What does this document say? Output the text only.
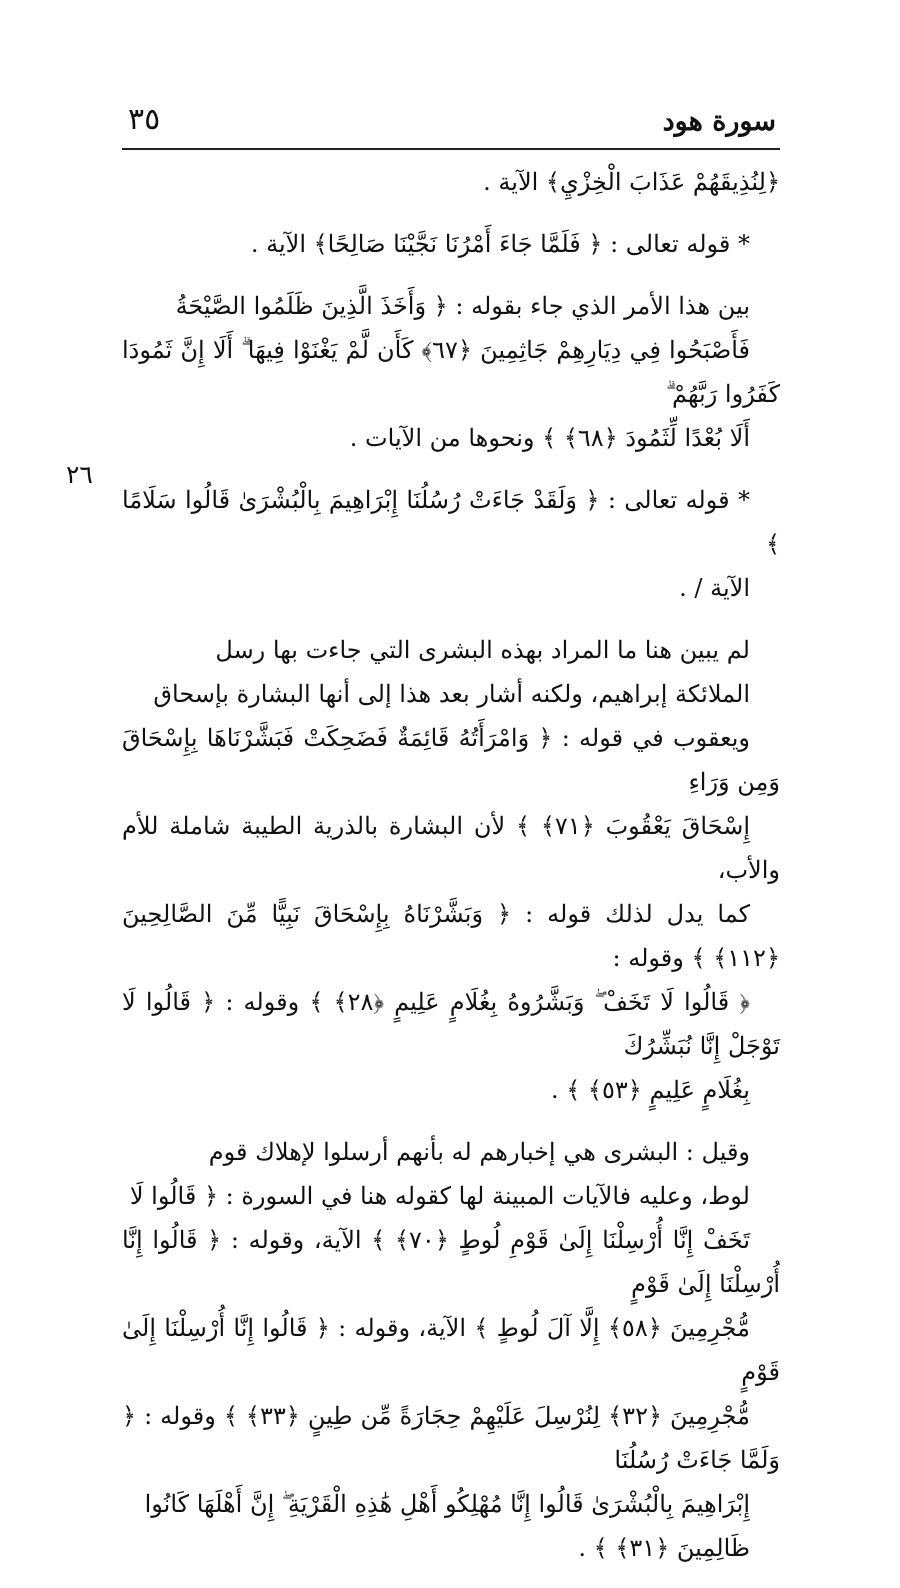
٣٥	سورة هود
٢٦

﴿لِنُذِيقَهُمْ عَذَابَ الْخِزْيِ﴾ الآية .

* قوله تعالى : ﴿ فَلَمَّا جَاءَ أَمْرُنَا نَجَّيْنَا صَالِحًا﴾ الآية .

بين هذا الأمر الذي جاء بقوله : ﴿ وَأَخَذَ الَّذِينَ ظَلَمُوا الصَّيْحَةُ
فَأَصْبَحُوا فِي دِيَارِهِمْ جَاثِمِينَ ﴿٦٧﴾ كَأَن لَّمْ يَغْنَوْا فِيهَا ۗ أَلَا إِنَّ ثَمُودَا كَفَرُوا رَبَّهُمْ ۗ
أَلَا بُعْدًا لِّثَمُودَ ﴿٦٨﴾ ﴾ ونحوها من الآيات .

* قوله تعالى : ﴿ وَلَقَدْ جَاءَتْ رُسُلُنَا إِبْرَاهِيمَ بِالْبُشْرَىٰ قَالُوا سَلَامًا ﴾
الآية / .

لم يبين هنا ما المراد بهذه البشرى التي جاءت بها رسل
الملائكة إبراهيم، ولكنه أشار بعد هذا إلى أنها البشارة بإسحاق
ويعقوب في قوله : ﴿ وَامْرَأَتُهُ قَائِمَةٌ فَضَحِكَتْ فَبَشَّرْنَاهَا بِإِسْحَاقَ وَمِن وَرَاءِ
إِسْحَاقَ يَعْقُوبَ ﴿٧١﴾ ﴾ لأن البشارة بالذرية الطيبة شاملة للأم والأب،
كما يدل لذلك قوله : ﴿ وَبَشَّرْنَاهُ بِإِسْحَاقَ نَبِيًّا مِّنَ الصَّالِحِينَ ﴿١١٢﴾ ﴾ وقوله :
﴿ قَالُوا لَا تَخَفْ ۖ وَبَشَّرُوهُ بِغُلَامٍ عَلِيمٍ ﴿٢٨﴾ ﴾ وقوله : ﴿ قَالُوا لَا تَوْجَلْ إِنَّا نُبَشِّرُكَ
بِغُلَامٍ عَلِيمٍ ﴿٥٣﴾ ﴾ .

وقيل : البشرى هي إخبارهم له بأنهم أرسلوا لإهلاك قوم
لوط، وعليه فالآيات المبينة لها كقوله هنا في السورة : ﴿ قَالُوا لَا
تَخَفْ إِنَّا أُرْسِلْنَا إِلَىٰ قَوْمِ لُوطٍ ﴿٧٠﴾ ﴾ الآية، وقوله : ﴿ قَالُوا إِنَّا أُرْسِلْنَا إِلَىٰ قَوْمٍ
مُّجْرِمِينَ ﴿٥٨﴾ إِلَّا آلَ لُوطٍ ﴾ الآية، وقوله : ﴿ قَالُوا إِنَّا أُرْسِلْنَا إِلَىٰ قَوْمٍ
مُّجْرِمِينَ ﴿٣٢﴾ لِنُرْسِلَ عَلَيْهِمْ حِجَارَةً مِّن طِينٍ ﴿٣٣﴾ ﴾ وقوله : ﴿ وَلَمَّا جَاءَتْ رُسُلُنَا
إِبْرَاهِيمَ بِالْبُشْرَىٰ قَالُوا إِنَّا مُهْلِكُو أَهْلِ هَٰذِهِ الْقَرْيَةِ ۖ إِنَّ أَهْلَهَا كَانُوا
ظَالِمِينَ ﴿٣١﴾ ﴾ .
